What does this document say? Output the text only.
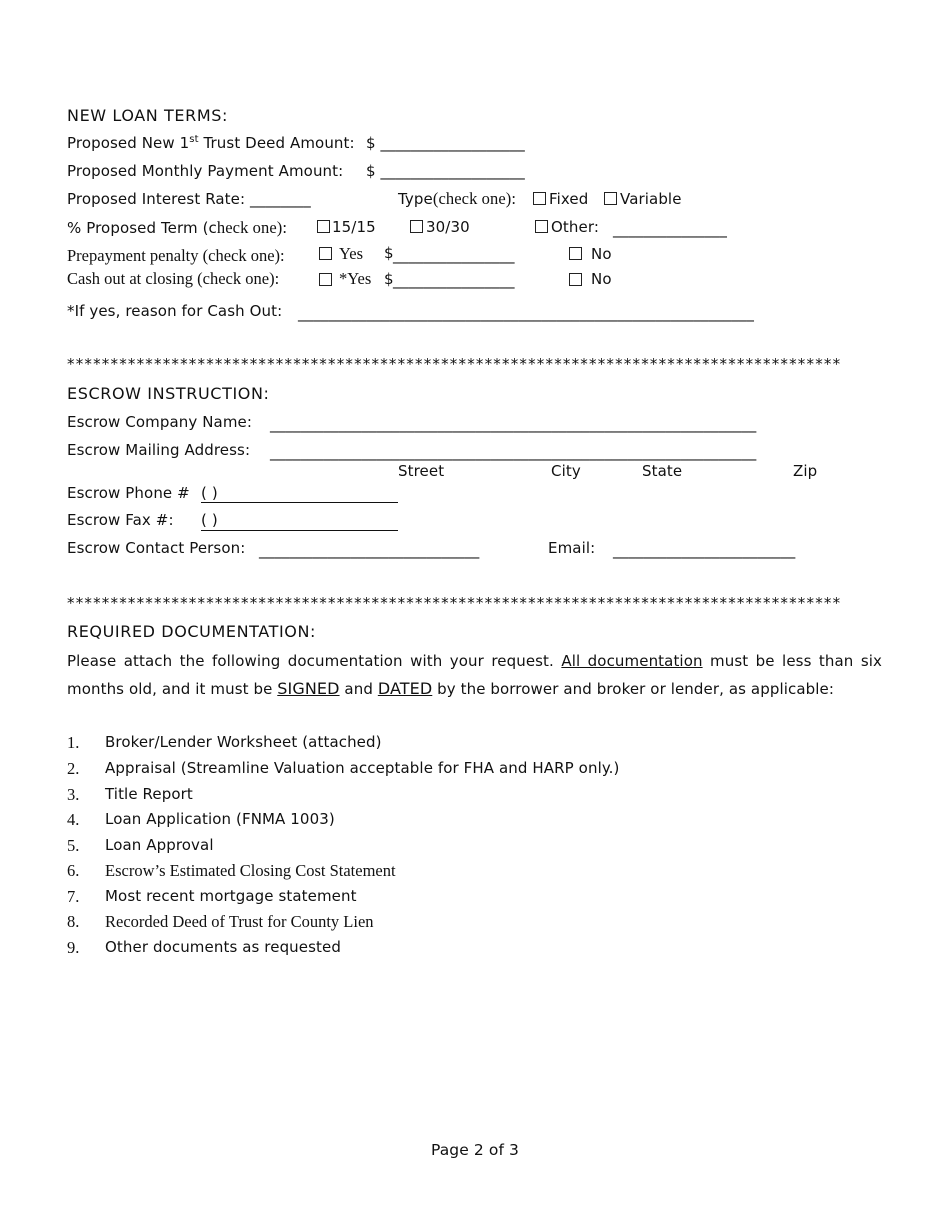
NEW LOAN TERMS:
Proposed New 1st Trust Deed Amount: $ ___________________
Proposed Monthly Payment Amount: $ ___________________
Proposed Interest Rate: ________	Type(check one): Fixed Variable
% Proposed Term (check one):	15/15	30/30	Other: _______________
Prepayment penalty (check one):	Yes $ ________________	No
Cash out at closing (check one):	*Yes $ ________________	No
*If yes, reason for Cash Out: ____________________________________________________________
*****************************************************************************************
ESCROW INSTRUCTION:
Escrow Company Name: ________________________________________________________________
Escrow Mailing Address: ________________________________________________________________
Street	City	State	Zip
Escrow Phone # ( )
Escrow Fax #: ( )
Escrow Contact Person: _____________________________	Email: ________________________
*****************************************************************************************
REQUIRED DOCUMENTATION:
Please attach the following documentation with your request. All documentation must be less than six months old, and it must be SIGNED and DATED by the borrower and broker or lender, as applicable:
1. Broker/Lender Worksheet (attached)
2. Appraisal (Streamline Valuation acceptable for FHA and HARP only.)
3. Title Report
4. Loan Application (FNMA 1003)
5. Loan Approval
6. Escrow’s Estimated Closing Cost Statement
7. Most recent mortgage statement
8. Recorded Deed of Trust for County Lien
9. Other documents as requested
Page 2 of 3
